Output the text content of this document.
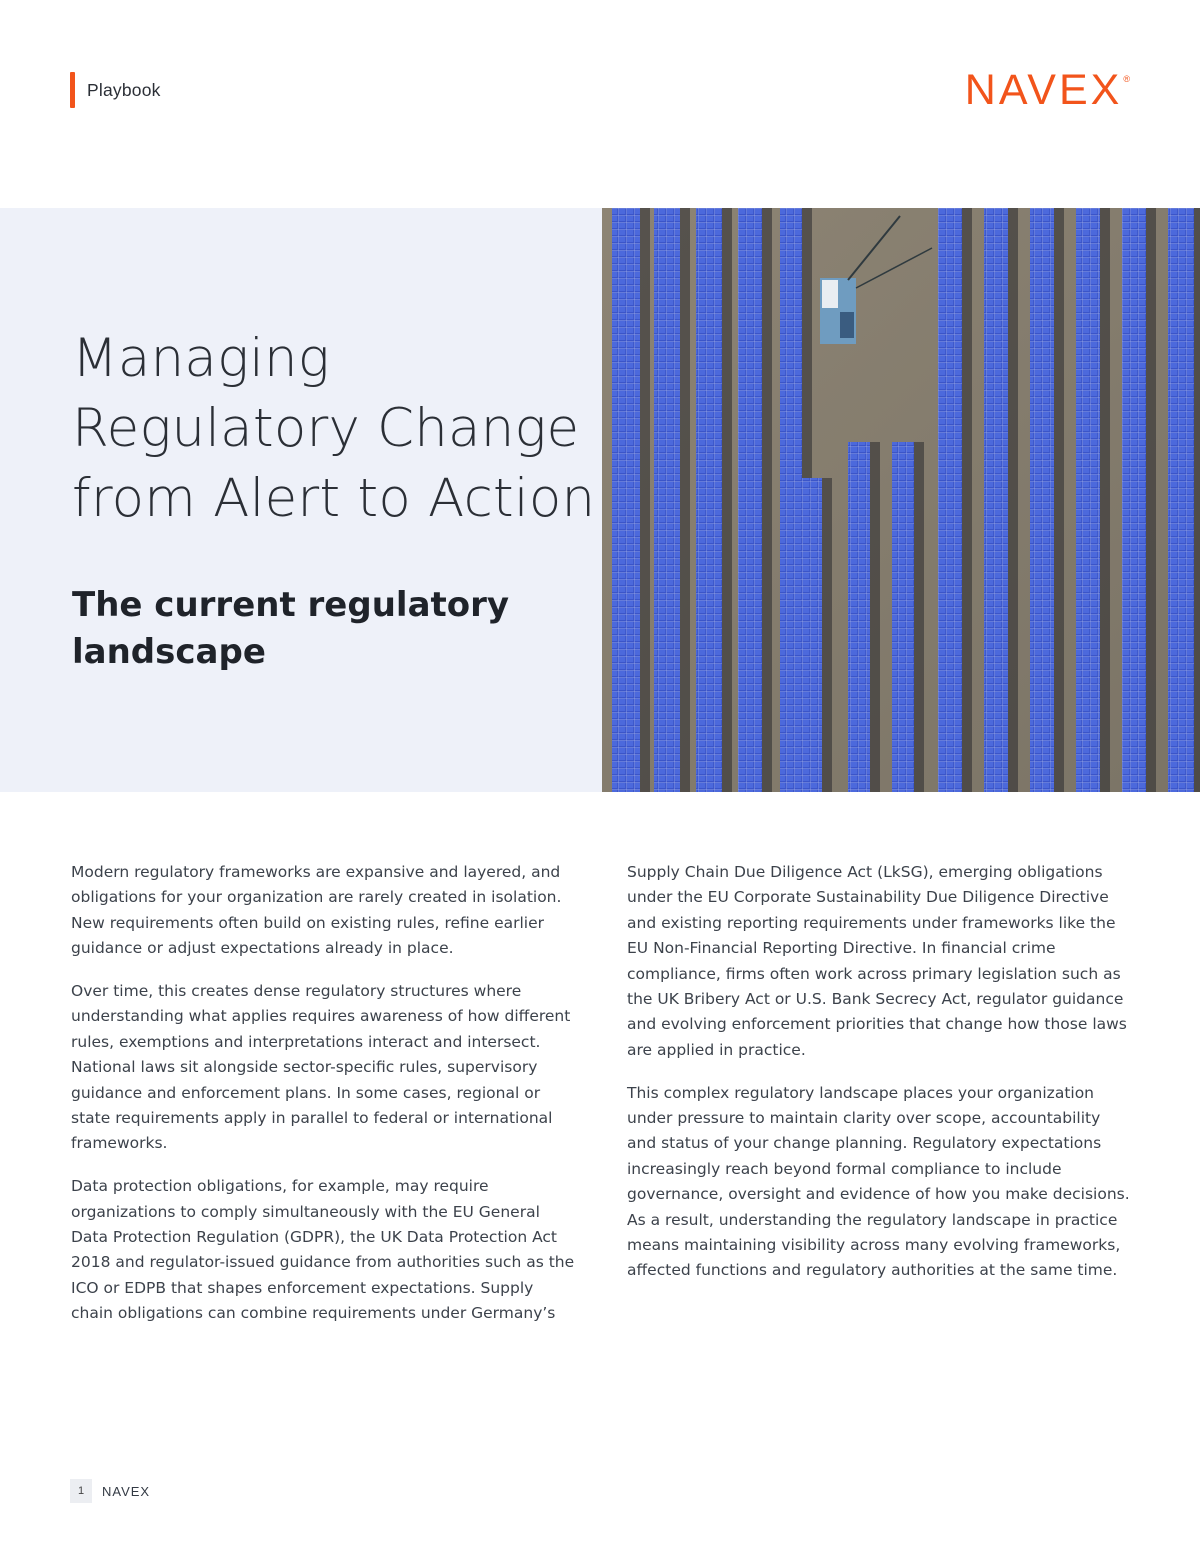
Playbook	NAVEX ®
Managing Regulatory Change from Alert to Action
The current regulatory landscape

Modern regulatory frameworks are expansive and layered, and obligations for your organization are rarely created in isolation. New requirements often build on existing rules, refine earlier guidance or adjust expectations already in place.

Over time, this creates dense regulatory structures where understanding what applies requires awareness of how different rules, exemptions and interpretations interact and intersect. National laws sit alongside sector-specific rules, supervisory guidance and enforcement plans. In some cases, regional or state requirements apply in parallel to federal or international frameworks.

Data protection obligations, for example, may require organizations to comply simultaneously with the EU General Data Protection Regulation (GDPR), the UK Data Protection Act 2018 and regulator-issued guidance from authorities such as the ICO or EDPB that shapes enforcement expectations. Supply chain obligations can combine requirements under Germany’s

Supply Chain Due Diligence Act (LkSG), emerging obligations under the EU Corporate Sustainability Due Diligence Directive and existing reporting requirements under frameworks like the EU Non-Financial Reporting Directive. In financial crime compliance, firms often work across primary legislation such as the UK Bribery Act or U.S. Bank Secrecy Act, regulator guidance and evolving enforcement priorities that change how those laws are applied in practice.

This complex regulatory landscape places your organization under pressure to maintain clarity over scope, accountability and status of your change planning. Regulatory expectations increasingly reach beyond formal compliance to include governance, oversight and evidence of how you make decisions. As a result, understanding the regulatory landscape in practice means maintaining visibility across many evolving frameworks, affected functions and regulatory authorities at the same time.

1	NAVEX
